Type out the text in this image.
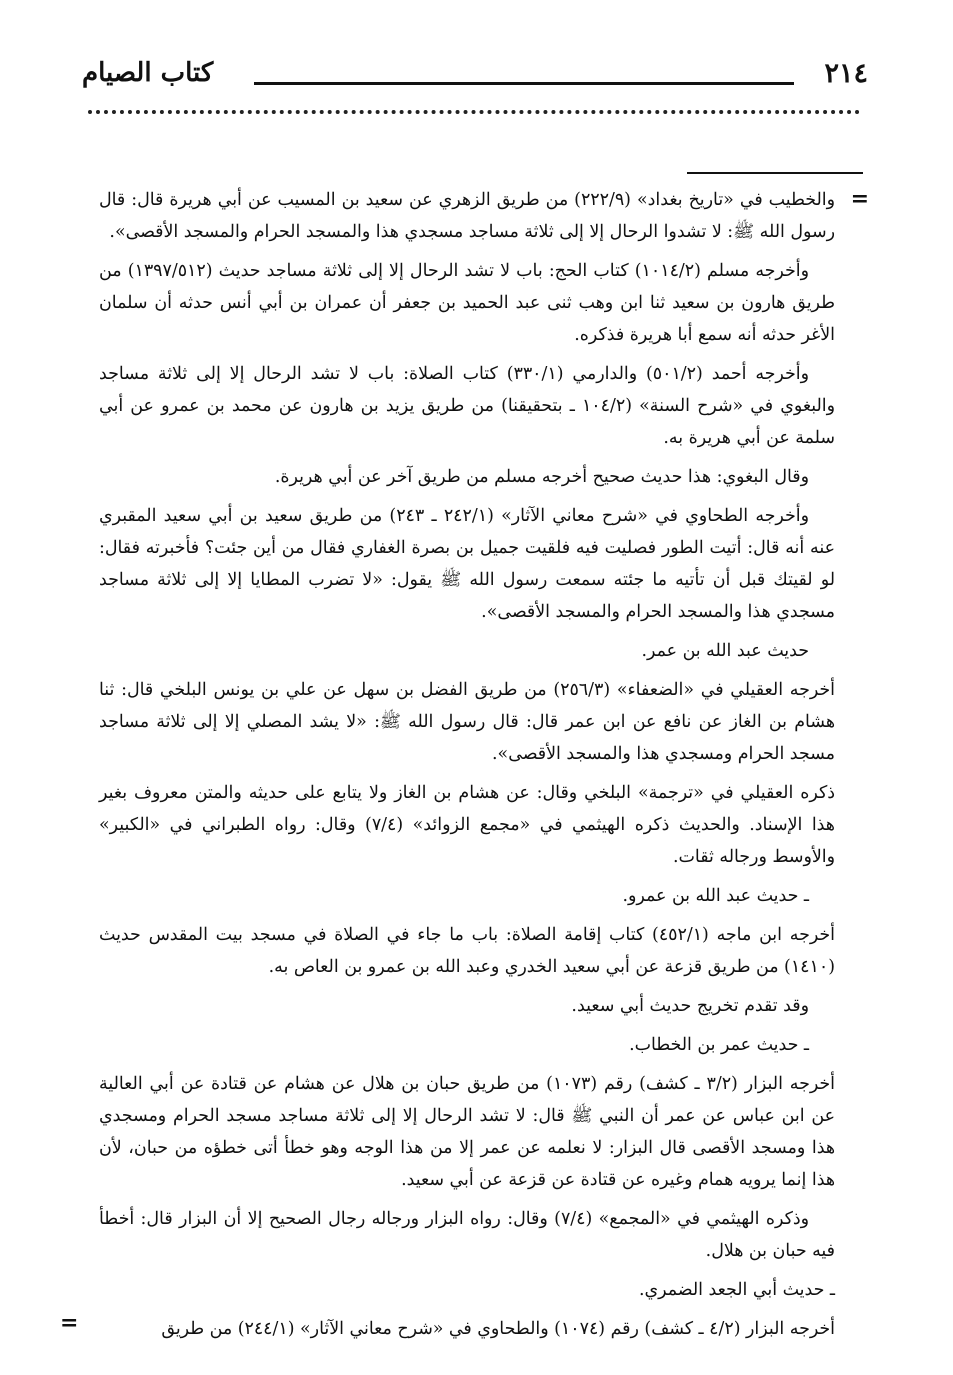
٢١٤
كتاب الصيام
=

والخطيب في «تاريخ بغداد» (٢٢٢/٩) من طريق الزهري عن سعيد بن المسيب عن أبي هريرة قال: قال رسول الله ﷺ: لا تشدوا الرحال إلا إلى ثلاثة مساجد مسجدي هذا والمسجد الحرام والمسجد الأقصى».

وأخرجه مسلم (١٠١٤/٢) كتاب الحج: باب لا تشد الرحال إلا إلى ثلاثة مساجد حديث (١٣٩٧/٥١٢) من طريق هارون بن سعيد ثنا ابن وهب ثنى عبد الحميد بن جعفر أن عمران بن أبي أنس حدثه أن سلمان الأغر حدثه أنه سمع أبا هريرة فذكره.

وأخرجه أحمد (٥٠١/٢) والدارمي (٣٣٠/١) كتاب الصلاة: باب لا تشد الرحال إلا إلى ثلاثة مساجد والبغوي في «شرح السنة» (١٠٤/٢ ـ بتحقيقنا) من طريق يزيد بن هارون عن محمد بن عمرو عن أبي سلمة عن أبي هريرة به.

وقال البغوي: هذا حديث صحيح أخرجه مسلم من طريق آخر عن أبي هريرة.

وأخرجه الطحاوي في «شرح معاني الآثار» (٢٤٢/١ ـ ٢٤٣) من طريق سعيد بن أبي سعيد المقبري عنه أنه قال: أتيت الطور فصليت فيه فلقيت جميل بن بصرة الغفاري فقال من أين جئت؟ فأخبرته فقال: لو لقيتك قبل أن تأتيه ما جئته سمعت رسول الله ﷺ يقول: «لا تضرب المطايا إلا إلى ثلاثة مساجد مسجدي هذا والمسجد الحرام والمسجد الأقصى».

حديث عبد الله بن عمر.

أخرجه العقيلي في «الضعفاء» (٢٥٦/٣) من طريق الفضل بن سهل عن علي بن يونس البلخي قال: ثنا هشام بن الغاز عن نافع عن ابن عمر قال: قال رسول الله ﷺ: «لا يشد المصلي إلا إلى ثلاثة مساجد مسجد الحرام ومسجدي هذا والمسجد الأقصى».

ذكره العقيلي في «ترجمة» البلخي وقال: عن هشام بن الغاز ولا يتابع على حديثه والمتن معروف بغير هذا الإسناد. والحديث ذكره الهيثمي في «مجمع الزوائد» (٧/٤) وقال: رواه الطبراني في «الكبير» والأوسط ورجاله ثقات.

ـ حديث عبد الله بن عمرو.

أخرجه ابن ماجه (٤٥٢/١) كتاب إقامة الصلاة: باب ما جاء في الصلاة في مسجد بيت المقدس حديث (١٤١٠) من طريق قزعة عن أبي سعيد الخدري وعبد الله بن عمرو بن العاص به.

وقد تقدم تخريج حديث أبي سعيد.

ـ حديث عمر بن الخطاب.

أخرجه البزار (٣/٢ ـ كشف) رقم (١٠٧٣) من طريق حبان بن هلال عن هشام عن قتادة عن أبي العالية عن ابن عباس عن عمر أن النبي ﷺ قال: لا تشد الرحال إلا إلى ثلاثة مساجد مسجد الحرام ومسجدي هذا ومسجد الأقصى قال البزار: لا نعلمه عن عمر إلا من هذا الوجه وهو خطأ أتى خطؤه من حبان، لأن هذا إنما يرويه همام وغيره عن قتادة عن قزعة عن أبي سعيد.

وذكره الهيثمي في «المجمع» (٧/٤) وقال: رواه البزار ورجاله رجال الصحيح إلا أن البزار قال: أخطأ فيه حبان بن هلال.

ـ حديث أبي الجعد الضمري.

أخرجه البزار (٤/٢ ـ كشف) رقم (١٠٧٤) والطحاوي في «شرح معاني الآثار» (٢٤٤/١) من طريق

=
